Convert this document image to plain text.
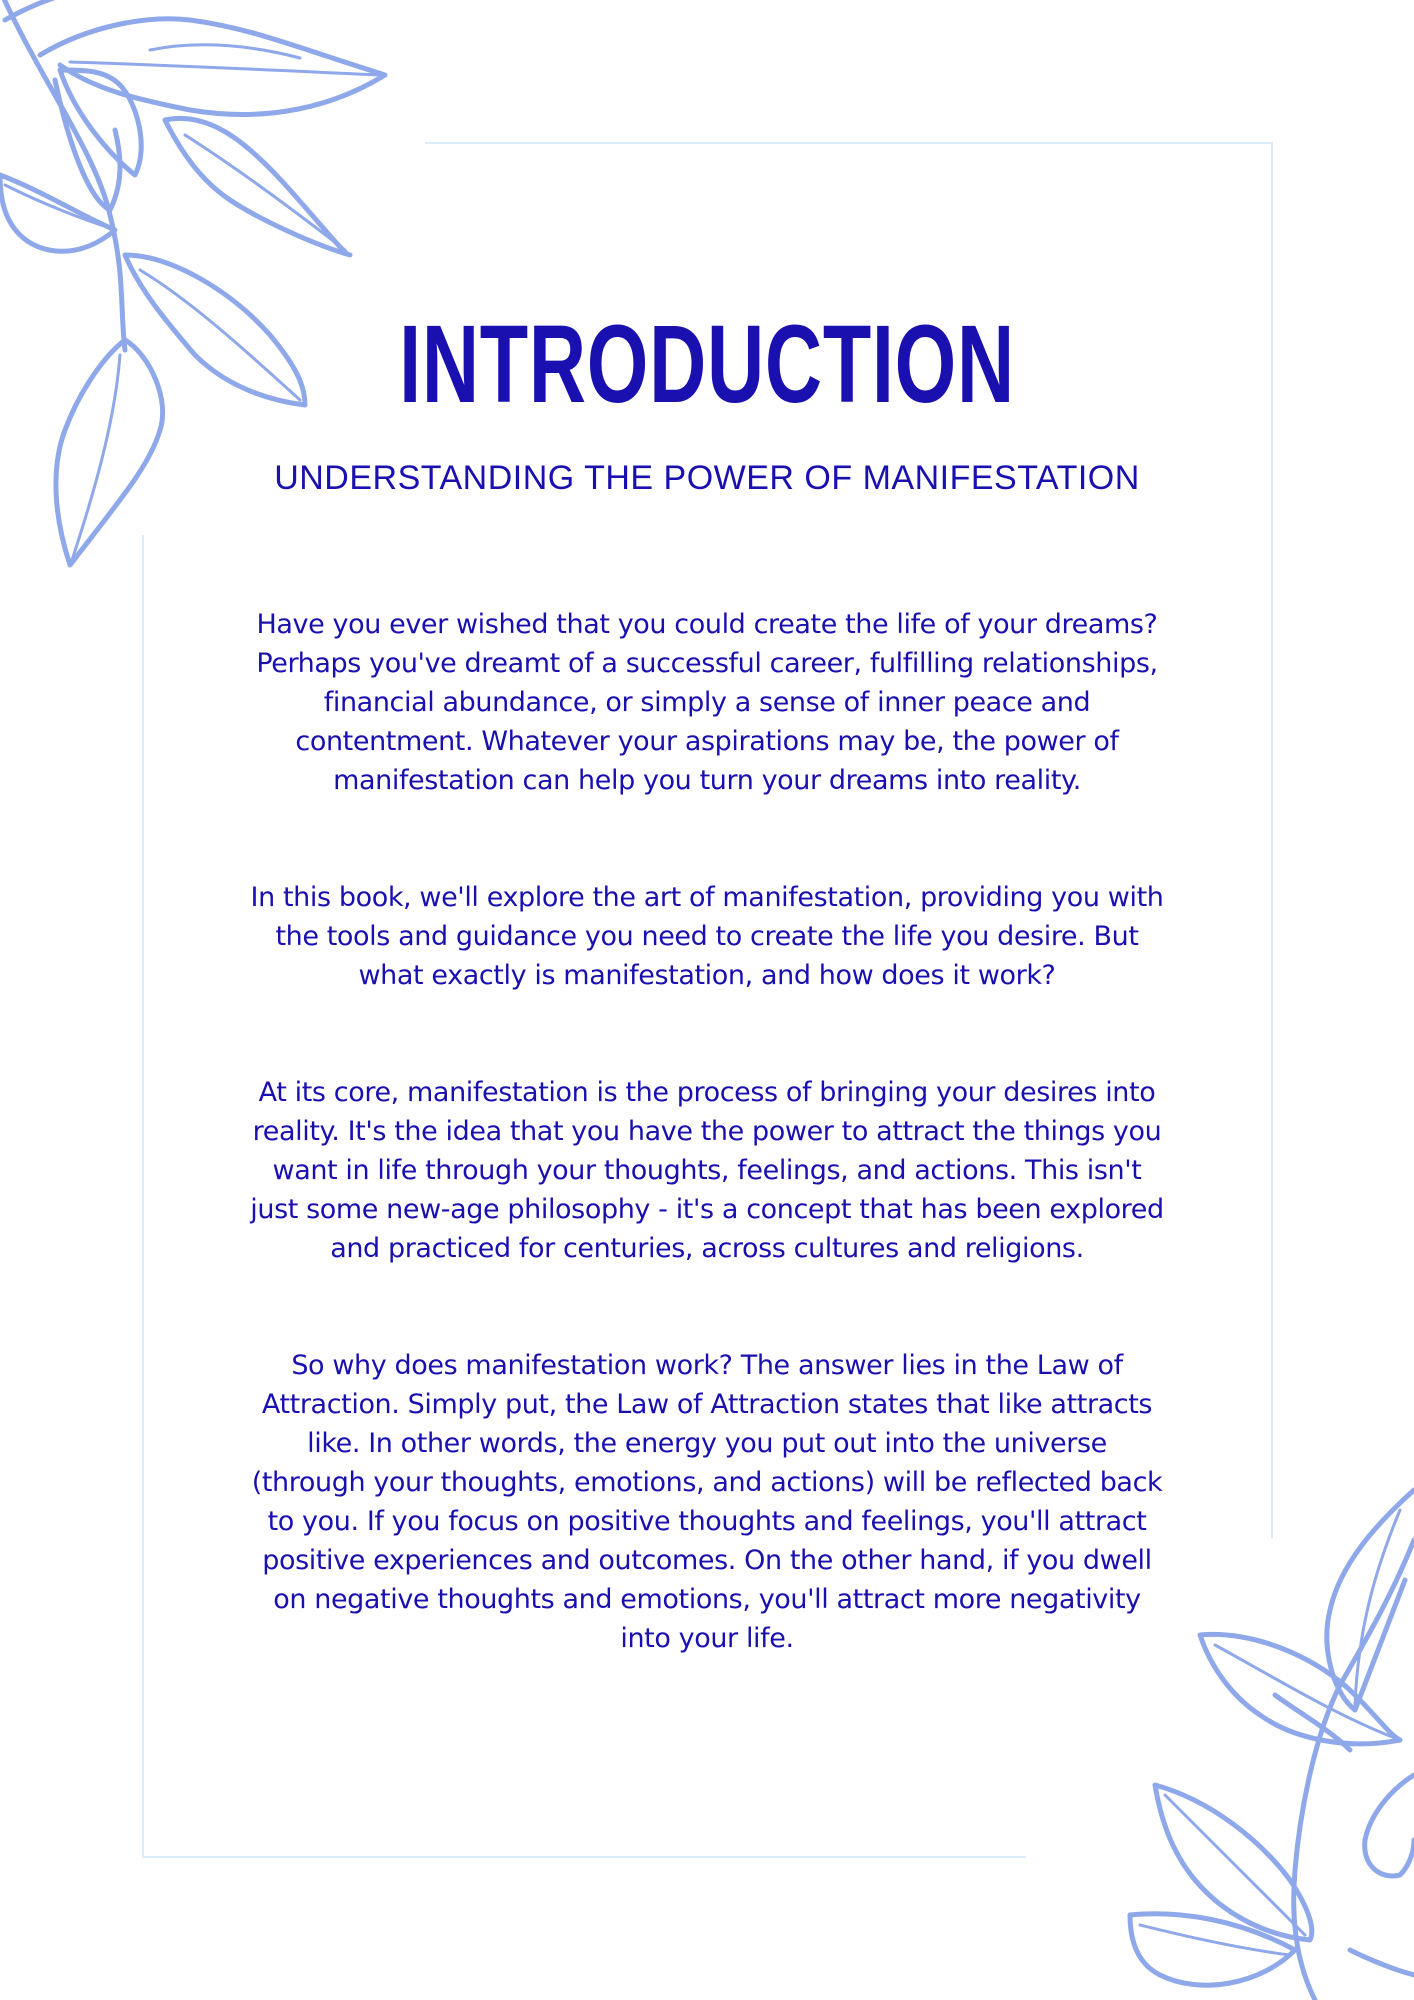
INTRODUCTION
UNDERSTANDING THE POWER OF MANIFESTATION

Have you ever wished that you could create the life of your dreams? Perhaps you've dreamt of a successful career, fulfilling relationships, financial abundance, or simply a sense of inner peace and contentment. Whatever your aspirations may be, the power of manifestation can help you turn your dreams into reality.

In this book, we'll explore the art of manifestation, providing you with the tools and guidance you need to create the life you desire. But what exactly is manifestation, and how does it work?

At its core, manifestation is the process of bringing your desires into reality. It's the idea that you have the power to attract the things you want in life through your thoughts, feelings, and actions. This isn't just some new-age philosophy - it's a concept that has been explored and practiced for centuries, across cultures and religions.

So why does manifestation work? The answer lies in the Law of Attraction. Simply put, the Law of Attraction states that like attracts like. In other words, the energy you put out into the universe (through your thoughts, emotions, and actions) will be reflected back to you. If you focus on positive thoughts and feelings, you'll attract positive experiences and outcomes. On the other hand, if you dwell on negative thoughts and emotions, you'll attract more negativity into your life.
